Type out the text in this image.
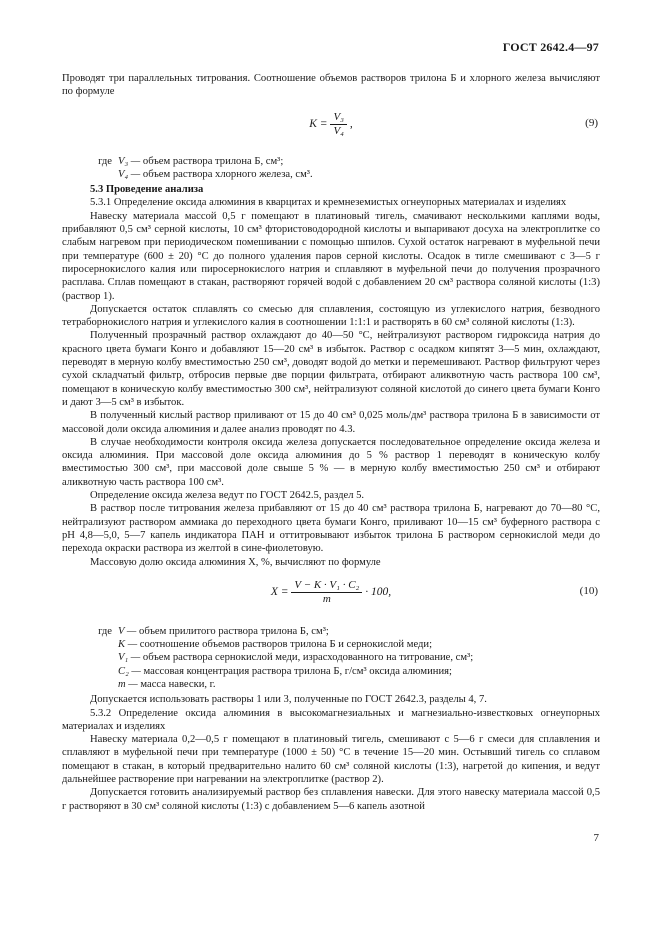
ГОСТ 2642.4—97

Проводят три параллельных титрования. Соотношение объемов растворов трилона Б и хлорного железа вычисляют по формуле

$K = \frac{\text{V₃}}{\text{V₄}}$ ,	(9)
где V₃ —
объем раствора трилона Б, см³;
V₄ —
объем раствора хлорного железа, см³.

5.3 Проведение анализа

5.3.1 Определение оксида алюминия в кварцитах и кремнеземистых огнеупорных материалах и изделиях

Навеску материала массой 0,5 г помещают в платиновый тигель, смачивают несколькими каплями воды, прибавляют 0,5 см³ серной кислоты, 10 см³ фтористоводородной кислоты и выпаривают досуха на электроплитке со слабым нагревом при периодическом помешивании с помощью шпилов. Сухой остаток нагревают в муфельной печи при температуре (600 ± 20) °С до полного удаления паров серной кислоты. Осадок в тигле смешивают с 3—5 г пиросернокислого калия или пиросернокислого натрия и сплавляют в муфельной печи до получения прозрачного расплава. Сплав помещают в стакан, растворяют горячей водой с добавлением 20 см³ раствора соляной кислоты (1:3) (раствор 1).

Допускается остаток сплавлять со смесью для сплавления, состоящую из углекислого натрия, безводного тетраборнокислого натрия и углекислого калия в соотношении 1:1:1 и растворять в 60 см³ соляной кислоты (1:3).

Полученный прозрачный раствор охлаждают до 40—50 °С, нейтрализуют раствором гидроксида натрия до красного цвета бумаги Конго и добавляют 15—20 см³ в избыток. Раствор с осадком кипятят 3—5 мин, охлаждают, переводят в мерную колбу вместимостью 250 см³, доводят водой до метки и перемешивают. Раствор фильтруют через сухой складчатый фильтр, отбросив первые две порции фильтрата, отбирают аликвотную часть раствора 100 см³, помещают в коническую колбу вместимостью 300 см³, нейтрализуют соляной кислотой до синего цвета бумаги Конго и дают 3—5 см³ в избыток.

В полученный кислый раствор приливают от 15 до 40 см³ 0,025 моль/дм³ раствора трилона Б в зависимости от массовой доли оксида алюминия и далее анализ проводят по 4.3.

В случае необходимости контроля оксида железа допускается последовательное определение оксида железа и оксида алюминия. При массовой доле оксида алюминия до 5 % раствор 1 переводят в коническую колбу вместимостью 300 см³, при массовой доле свыше 5 % — в мерную колбу вместимостью 250 см³ и отбирают аликвотную часть раствора 100 см³.

Определение оксида железа ведут по ГОСТ 2642.5, раздел 5.

В раствор после титрования железа прибавляют от 15 до 40 см³ раствора трилона Б, нагревают до 70—80 °С, нейтрализуют раствором аммиака до переходного цвета бумаги Конго, приливают 10—15 см³ буферного раствора с рН 4,8—5,0, 5—7 капель индикатора ПАН и оттитровывают избыток трилона Б раствором сернокислой меди до перехода окраски раствора из желтой в сине-фиолетовую.

Массовую долю оксида алюминия X, %, вычисляют по формуле

$X = \frac{\text{V − K · V₁ · C₂}}{m} \cdot 100$,	(10)
где V —
объем прилитого раствора трилона Б, см³;
K —
соотношение объемов растворов трилона Б и сернокислой меди;
V₁ —
объем раствора сернокислой меди, израсходованного на титрование, см³;
C₂ —
массовая концентрация раствора трилона Б, г/см³ оксида алюминия;
m —
масса навески, г.

Допускается использовать растворы 1 или 3, полученные по ГОСТ 2642.3, разделы 4, 7.

5.3.2 Определение оксида алюминия в высокомагнезиальных и магнезиально-известковых огнеупорных материалах и изделиях

Навеску материала 0,2—0,5 г помещают в платиновый тигель, смешивают с 5—6 г смеси для сплавления и сплавляют в муфельной печи при температуре (1000 ± 50) °С в течение 15—20 мин. Остывший тигель со сплавом помещают в стакан, в который предварительно налито 60 см³ соляной кислоты (1:3), нагретой до кипения, и ведут дальнейшее растворение при нагревании на электроплитке (раствор 2).

Допускается готовить анализируемый раствор без сплавления навески. Для этого навеску материала массой 0,5 г растворяют в 30 см³ соляной кислоты (1:3) с добавлением 5—6 капель азотной

7
